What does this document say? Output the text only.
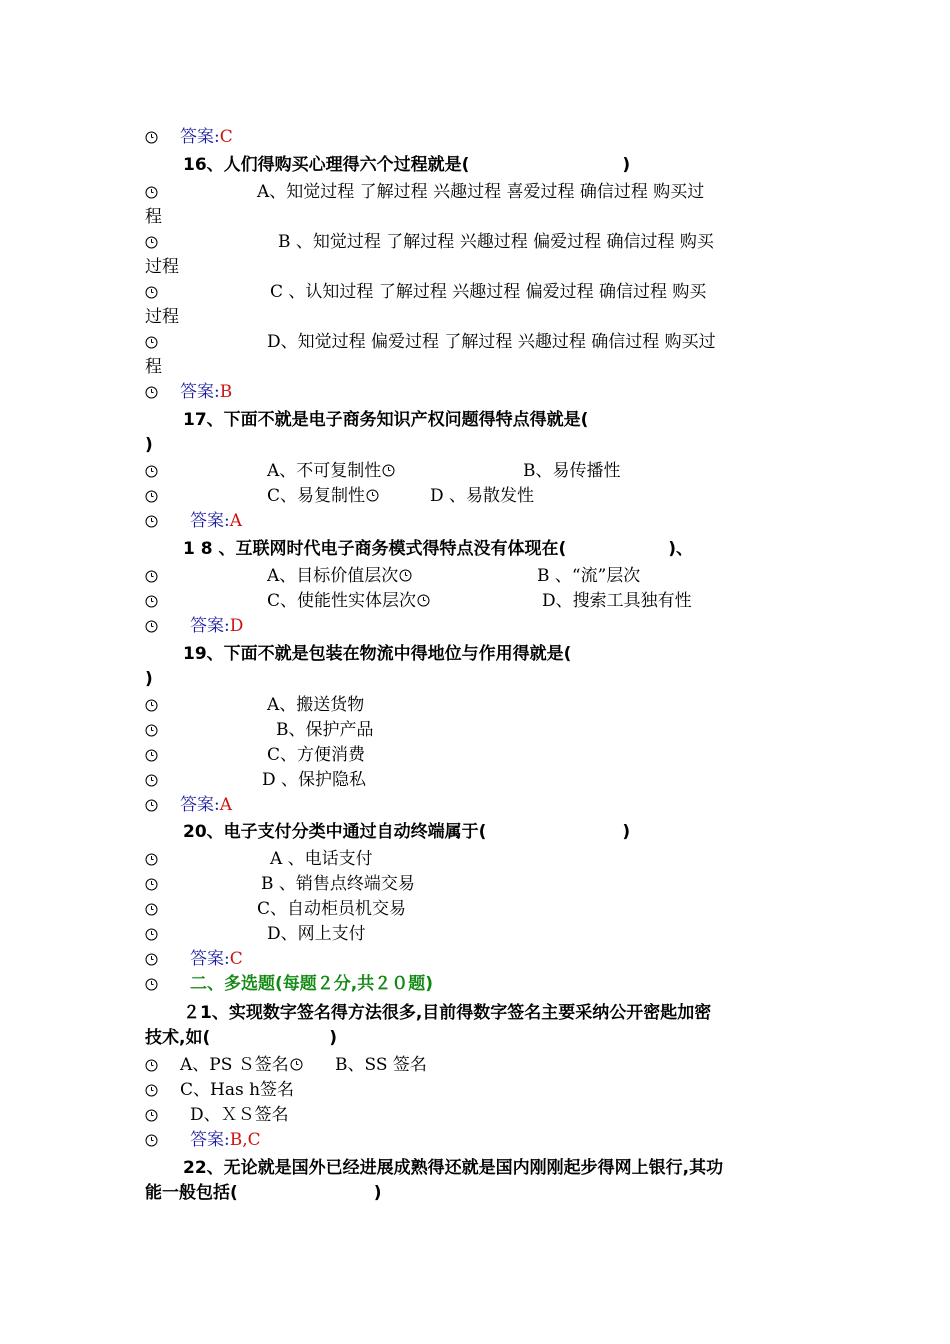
答案:C
16、人们得购买心理得六个过程就是(　　　　　　　　　)
A、知觉过程 了解过程 兴趣过程 喜爱过程 确信过程 购买过
程
B 、知觉过程 了解过程 兴趣过程 偏爱过程 确信过程 购买
过程
C 、认知过程 了解过程 兴趣过程 偏爱过程 确信过程 购买
过程
D、知觉过程 偏爱过程 了解过程 兴趣过程 确信过程 购买过
程
答案:B
17、下面不就是电子商务知识产权问题得特点得就是(
)
A、不可复制性	B、易传播性
C、易复制性	D 、易散发性
答案:A
1 8 、互联网时代电子商务模式得特点没有体现在(　　　　　　)、
A、目标价值层次	B 、“流”层次
C、使能性实体层次	D、搜索工具独有性
答案:D
19、下面不就是包装在物流中得地位与作用得就是(
)
A、搬送货物
B、保护产品
C、方便消费
D 、保护隐私
答案:A
20、电子支付分类中通过自动终端属于(　　　　　　　　)
A 、电话支付
B 、销售点终端交易
C、自动柜员机交易
D、网上支付
答案:C
二、多选题(每题２分,共２０题)
２1、实现数字签名得方法很多,目前得数字签名主要采纳公开密匙加密
技术,如(　　　　　　　)
A、PS Ｓ签名	B、SS 签名
C、Has h签名
D、ＸＳ签名
答案:B,C
22、无论就是国外已经进展成熟得还就是国内刚刚起步得网上银行,其功
能一般包括(　　　　　　　　)
